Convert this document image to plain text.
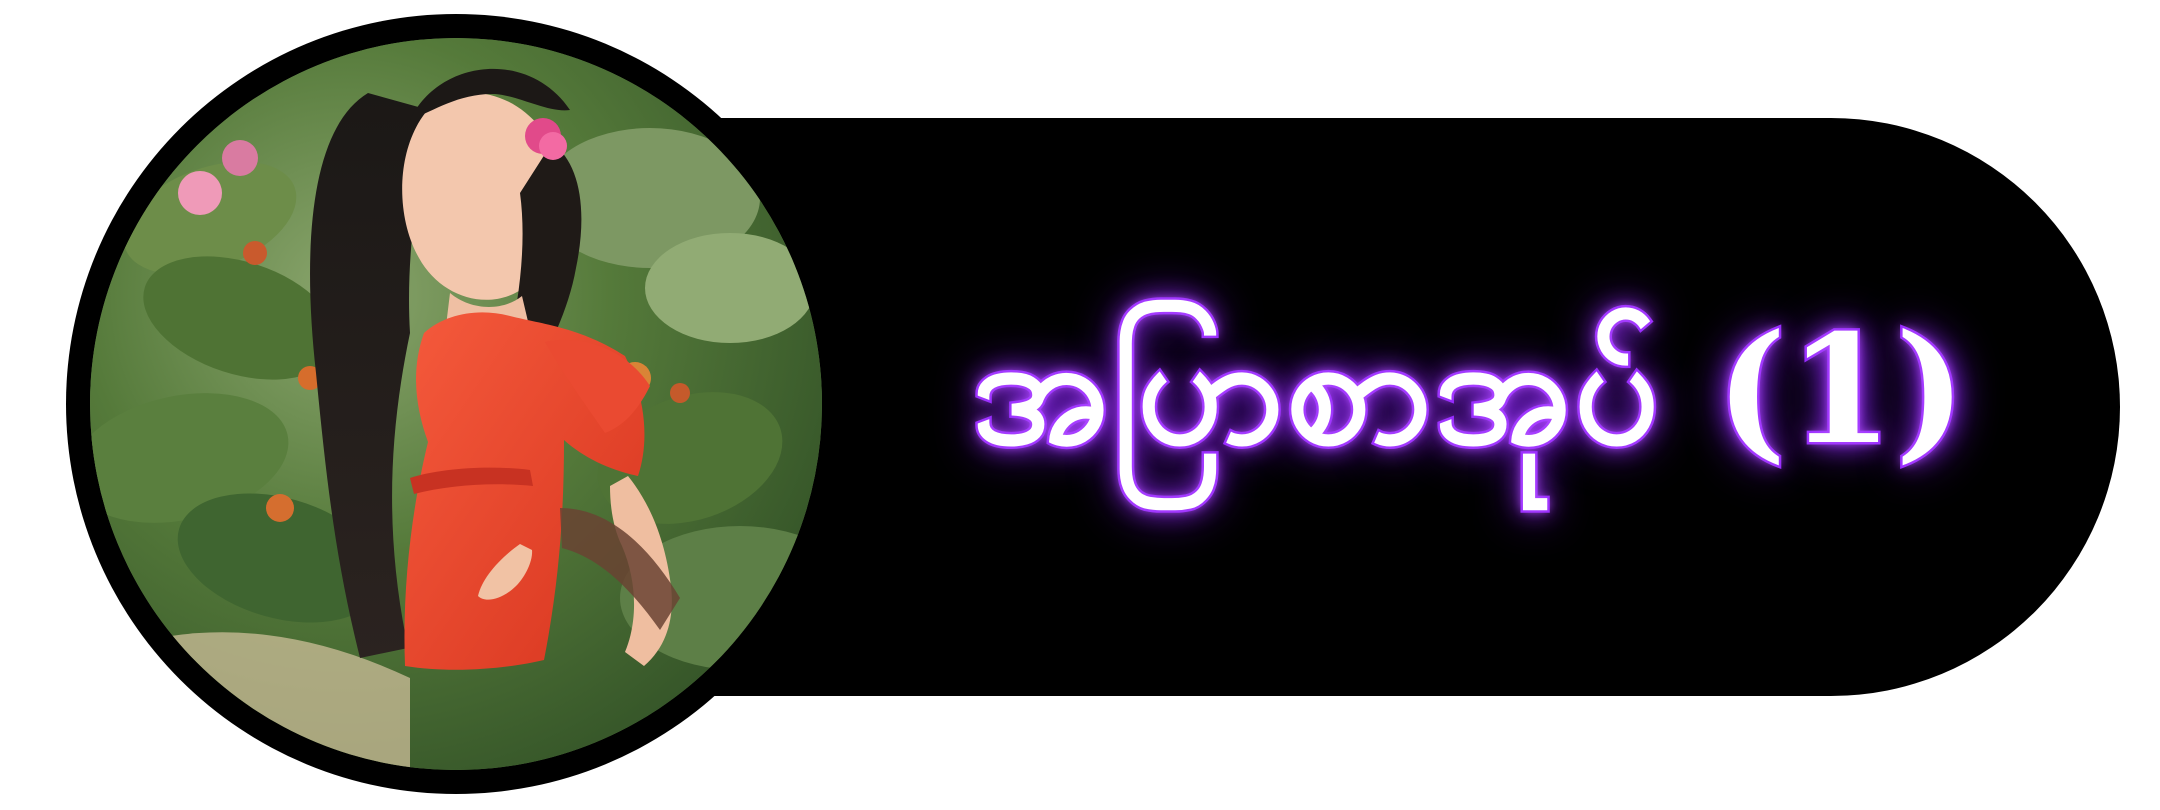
အပြာစာအုပ် (1)
